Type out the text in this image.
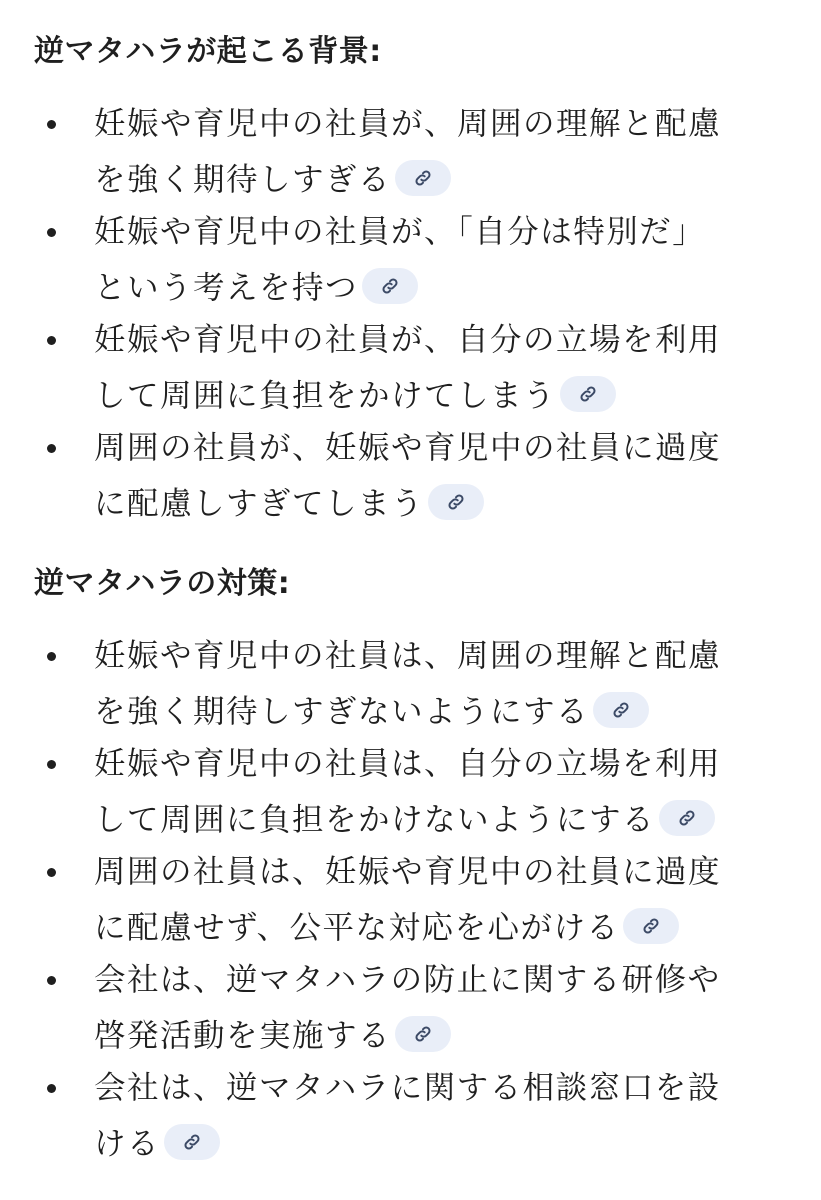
逆マタハラが起こる背景:
妊娠や育児中の社員が、周囲の理解と配慮
を強く期待しすぎる
妊娠や育児中の社員が、「自分は特別だ」
という考えを持つ
妊娠や育児中の社員が、自分の立場を利用
して周囲に負担をかけてしまう
周囲の社員が、妊娠や育児中の社員に過度
に配慮しすぎてしまう
逆マタハラの対策:
妊娠や育児中の社員は、周囲の理解と配慮
を強く期待しすぎないようにする
妊娠や育児中の社員は、自分の立場を利用
して周囲に負担をかけないようにする
周囲の社員は、妊娠や育児中の社員に過度
に配慮せず、公平な対応を心がける
会社は、逆マタハラの防止に関する研修や
啓発活動を実施する
会社は、逆マタハラに関する相談窓口を設
ける
